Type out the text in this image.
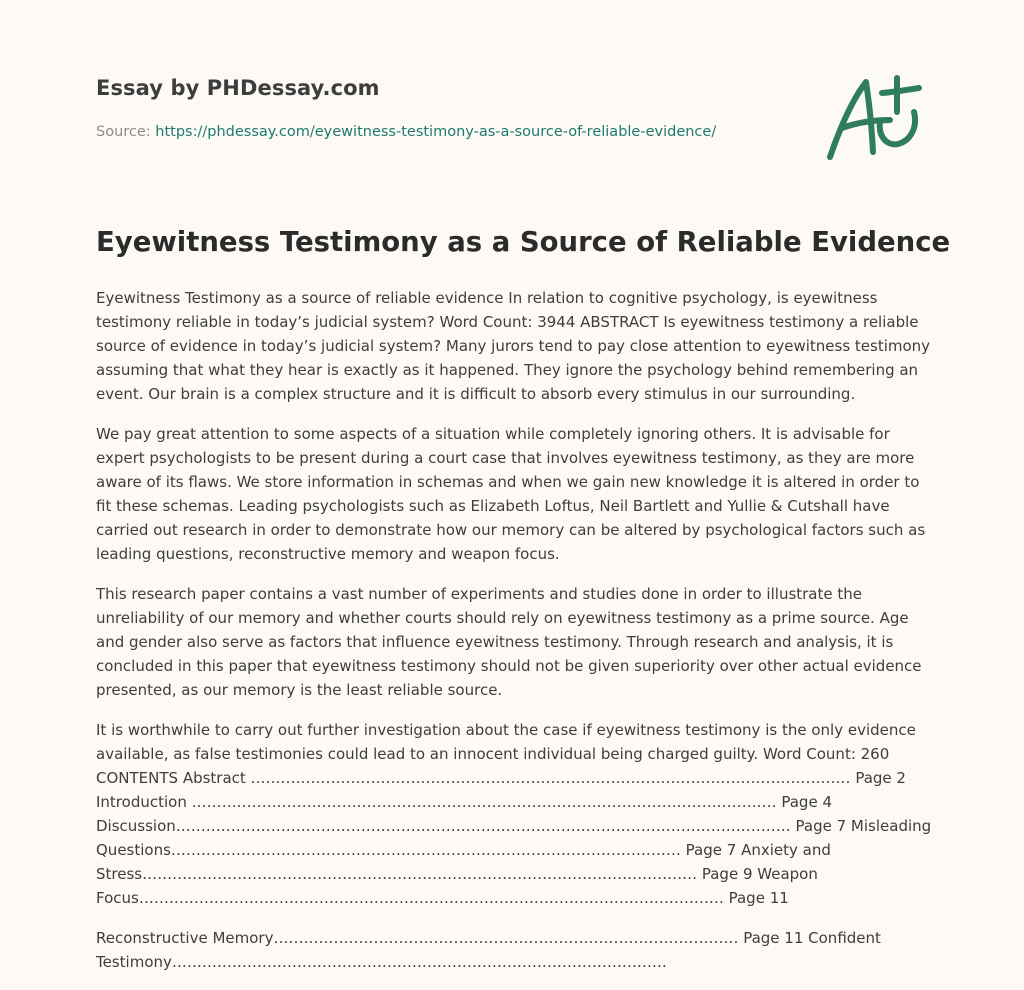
Essay by PHDessay.com
Source: https://phdessay.com/eyewitness-testimony-as-a-source-of-reliable-evidence/
Eyewitness Testimony as a Source of Reliable Evidence

Eyewitness Testimony as a source of reliable evidence In relation to cognitive psychology, is eyewitness testimony reliable in today’s judicial system? Word Count: 3944 ABSTRACT Is eyewitness testimony a reliable source of evidence in today’s judicial system? Many jurors tend to pay close attention to eyewitness testimony assuming that what they hear is exactly as it happened. They ignore the psychology behind remembering an event. Our brain is a complex structure and it is difficult to absorb every stimulus in our surrounding.

We pay great attention to some aspects of a situation while completely ignoring others. It is advisable for expert psychologists to be present during a court case that involves eyewitness testimony, as they are more aware of its flaws. We store information in schemas and when we gain new knowledge it is altered in order to fit these schemas. Leading psychologists such as Elizabeth Loftus, Neil Bartlett and Yullie & Cutshall have carried out research in order to demonstrate how our memory can be altered by psychological factors such as leading questions, reconstructive memory and weapon focus.

This research paper contains a vast number of experiments and studies done in order to illustrate the unreliability of our memory and whether courts should rely on eyewitness testimony as a prime source. Age and gender also serve as factors that influence eyewitness testimony. Through research and analysis, it is concluded in this paper that eyewitness testimony should not be given superiority over other actual evidence presented, as our memory is the least reliable source.

It is worthwhile to carry out further investigation about the case if eyewitness testimony is the only evidence available, as false testimonies could lead to an innocent individual being charged guilty. Word Count: 260 CONTENTS Abstract ………………………………………………………………………………………………………… Page 2 Introduction ……………………………………………………………………………………………………… Page 4 Discussion…………………………………………………………………………………………………………… Page 7 Misleading Questions………………………………………………………………………………………… Page 7 Anxiety and Stress………………………………………………………………………………………………… Page 9 Weapon Focus……………………………………………………………………………………………………… Page 11

Reconstructive Memory………………………………………………………………………………… Page 11 Confident Testimony………………………………………………………………………………………
